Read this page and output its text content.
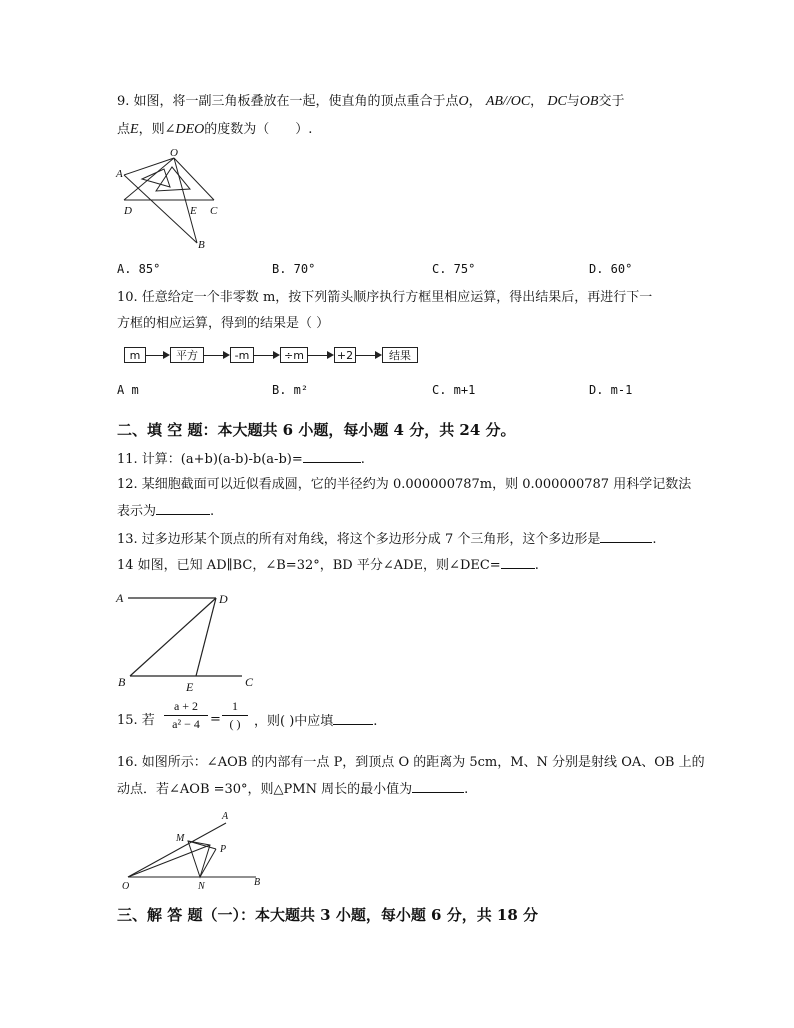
9. 如图，将一副三角板叠放在一起，使直角的顶点重合于点O， AB//OC， DC与OB交于
点E，则∠DEO的度数为（　　）.
O
A
D	E C
B
A. 85°	B. 70°	C. 75°	D. 60°
10. 任意给定一个非零数 m，按下列箭头顺序执行方框里相应运算，得出结果后，再进行下一
方框的相应运算，得到的结果是（ ）
m	平方	-m	÷m	+2	结果
A m	B. m²	C. m+1	D. m-1
二、填 空 题：本大题共 6 小题，每小题 4 分，共 24 分。
11. 计算：(a+b)(a-b)-b(a-b)=	.
12. 某细胞截面可以近似看成圆，它的半径约为 0.000000787m，则 0.000000787 用科学记数法
表示为	.
13. 过多边形某个顶点的所有对角线，将这个多边形分成 7 个三角形，这个多边形是	.
14 如图，已知 AD∥BC，∠B=32°，BD 平分∠ADE，则∠DEC=	.
A	D
B	E	C
15. 若
a + 2
a² − 4 =
1
( )	，则( )中应填	.
16. 如图所示：∠AOB 的内部有一点 P，到顶点 O 的距离为 5cm，M、N 分别是射线 OA、OB 上的
动点．若∠AOB =30°，则△PMN 周长的最小值为	.
A
M
P
O	N	B
三、解 答 题（一）：本大题共 3 小题，每小题 6 分，共 18 分
